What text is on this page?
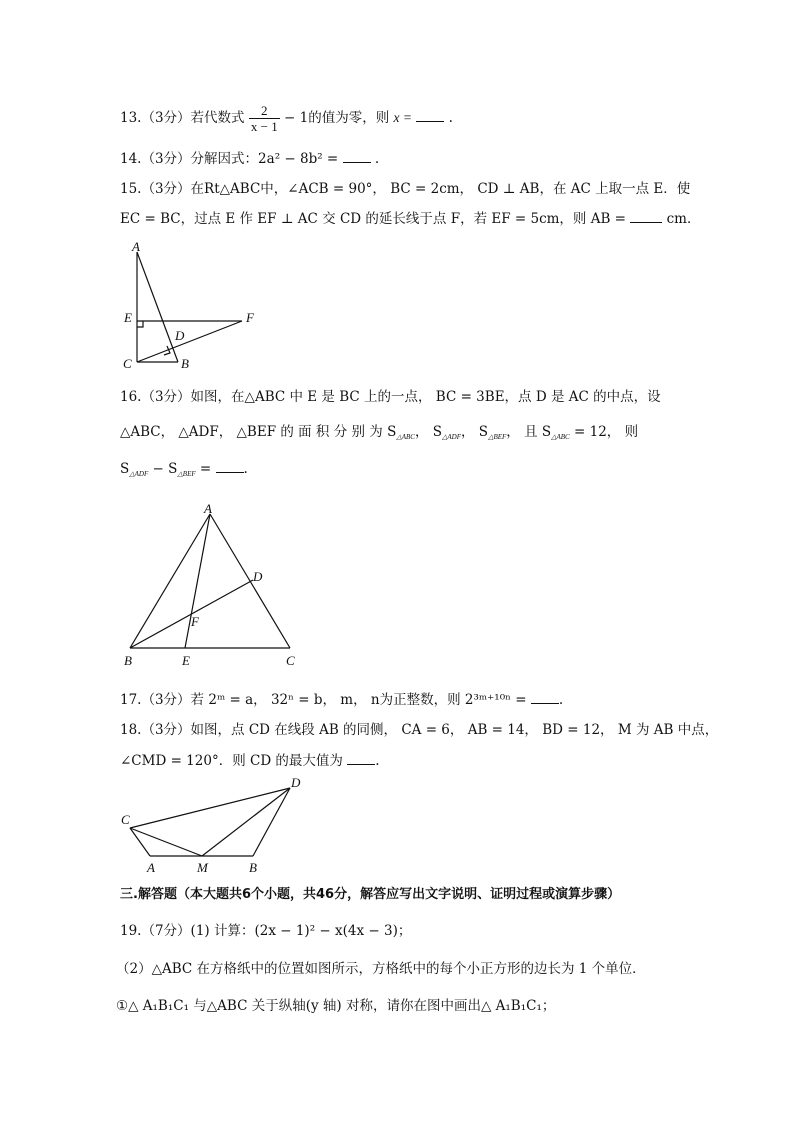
13.（3分）若代数式 $\frac{2}{x - 1} - 1$的值为零，则 x =	.
14.（3分）分解因式：2a² − 8b² =	.
15.（3分）在Rt△ABC中，∠ACB = 90°， BC = 2cm， CD ⊥ AB，在 AC 上取一点 E．使
EC = BC，过点 E 作 EF ⊥ AC 交 CD 的延长线于点 F，若 EF = 5cm，则 AB =	cm．
A
E	F
D
C	B
16.（3分）如图，在△ABC 中 E 是 BC 上的一点， BC = 3BE，点 D 是 AC 的中点，设
△ABC， △ADF， △BEF 的 面 积 分 别 为 $S_{\triangle ABC}$， $S_{\triangle ADF}$， $S_{\triangle BEF}$， 且 $S_{\triangle ABC} = 12$， 则
$S_{\triangle ADF} - S_{\triangle BEF}$ = .
A
D
F
B	E	C
17.（3分）若 2ᵐ = a， 32ⁿ = b， m， n为正整数，则 2³ᵐ⁺¹⁰ⁿ = .
18.（3分）如图，点 CD 在线段 AB 的同侧， CA = 6， AB = 14， BD = 12， M 为 AB 中点，
∠CMD = 120°．则 CD 的最大值为 .
C
D
A	M	B
三.解答题（本大题共6个小题，共46分，解答应写出文字说明、证明过程或演算步骤）
19.（7分）(1) 计算：(2x − 1)² − x(4x − 3)；
（2）△ABC 在方格纸中的位置如图所示，方格纸中的每个小正方形的边长为 1 个单位．
①△ A₁B₁C₁ 与△ABC 关于纵轴(y 轴) 对称，请你在图中画出△ A₁B₁C₁；
